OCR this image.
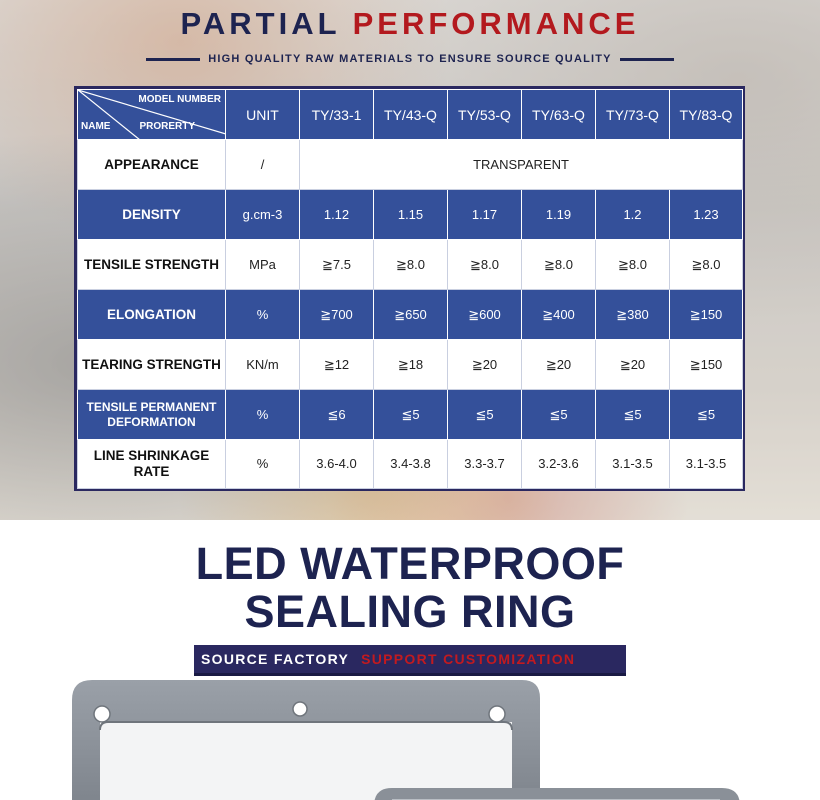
PARTIAL PERFORMANCE
HIGH QUALITY RAW MATERIALS TO ENSURE SOURCE QUALITY
MODEL NUMBER
NAME PRORERTY	UNIT	TY/33-1	TY/43-Q	TY/53-Q	TY/63-Q	TY/73-Q	TY/83-Q
APPEARANCE	/	TRANSPARENT					
DENSITY	g.cm-3	1.12	1.15	1.17	1.19	1.2	1.23
TENSILE STRENGTH	MPa	≧7.5	≧8.0	≧8.0	≧8.0	≧8.0	≧8.0
ELONGATION	%	≧700	≧650	≧600	≧400	≧380	≧150
TEARING STRENGTH	KN/m	≧12	≧18	≧20	≧20	≧20	≧150
TENSILE PERMANENT
DEFORMATION	%	≦6	≦5	≦5	≦5	≦5	≦5
LINE SHRINKAGE
RATE	%	3.6-4.0	3.4-3.8	3.3-3.7	3.2-3.6	3.1-3.5	3.1-3.5
LED WATERPROOF
SEALING RING
SOURCE FACTORY SUPPORT CUSTOMIZATION
